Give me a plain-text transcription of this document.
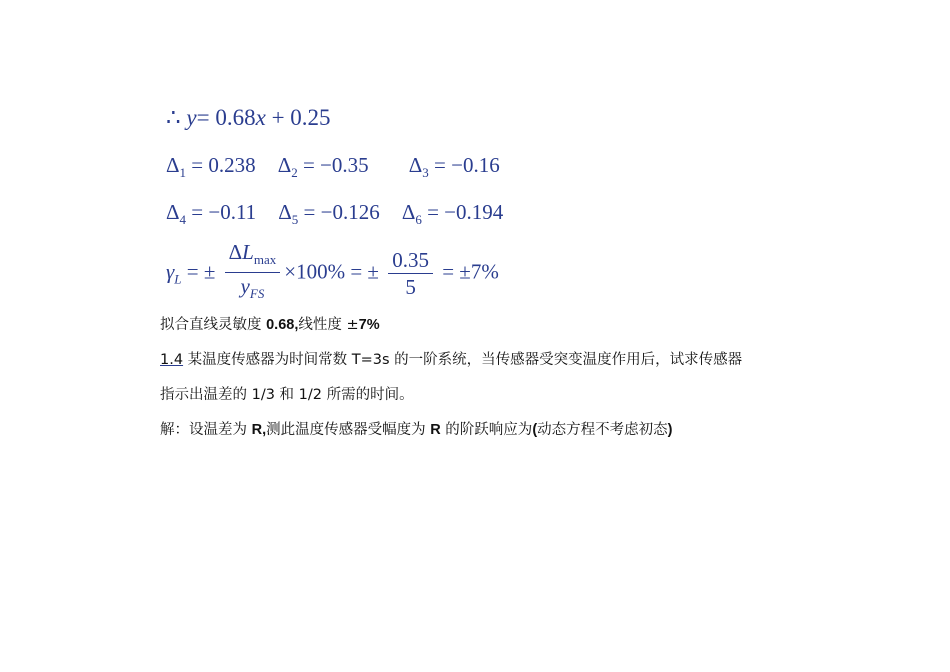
∴ y= 0.68x + 0.25
$\Delta_1 = 0.238$ $\Delta_2 = -0.35$ $\Delta_3 = -0.16$
$\Delta_4 = -0.11$ $\Delta_5 = -0.126$ $\Delta_6 = -0.194$
$\gamma_L$ = ± $\frac{\Delta L_{max}}{y_{FS}} \times 100\%$ = ± $\frac{0.35}{5} = \pm 7\%$
拟合直线灵敏度 0.68,线性度 ±7%
1.4 某温度传感器为时间常数 T=3s 的一阶系统，当传感器受突变温度作用后，试求传感器
指示出温差的 1/3 和 1/2 所需的时间。
解：设温差为 R,测此温度传感器受幅度为 R 的阶跃响应为(动态方程不考虑初态)
